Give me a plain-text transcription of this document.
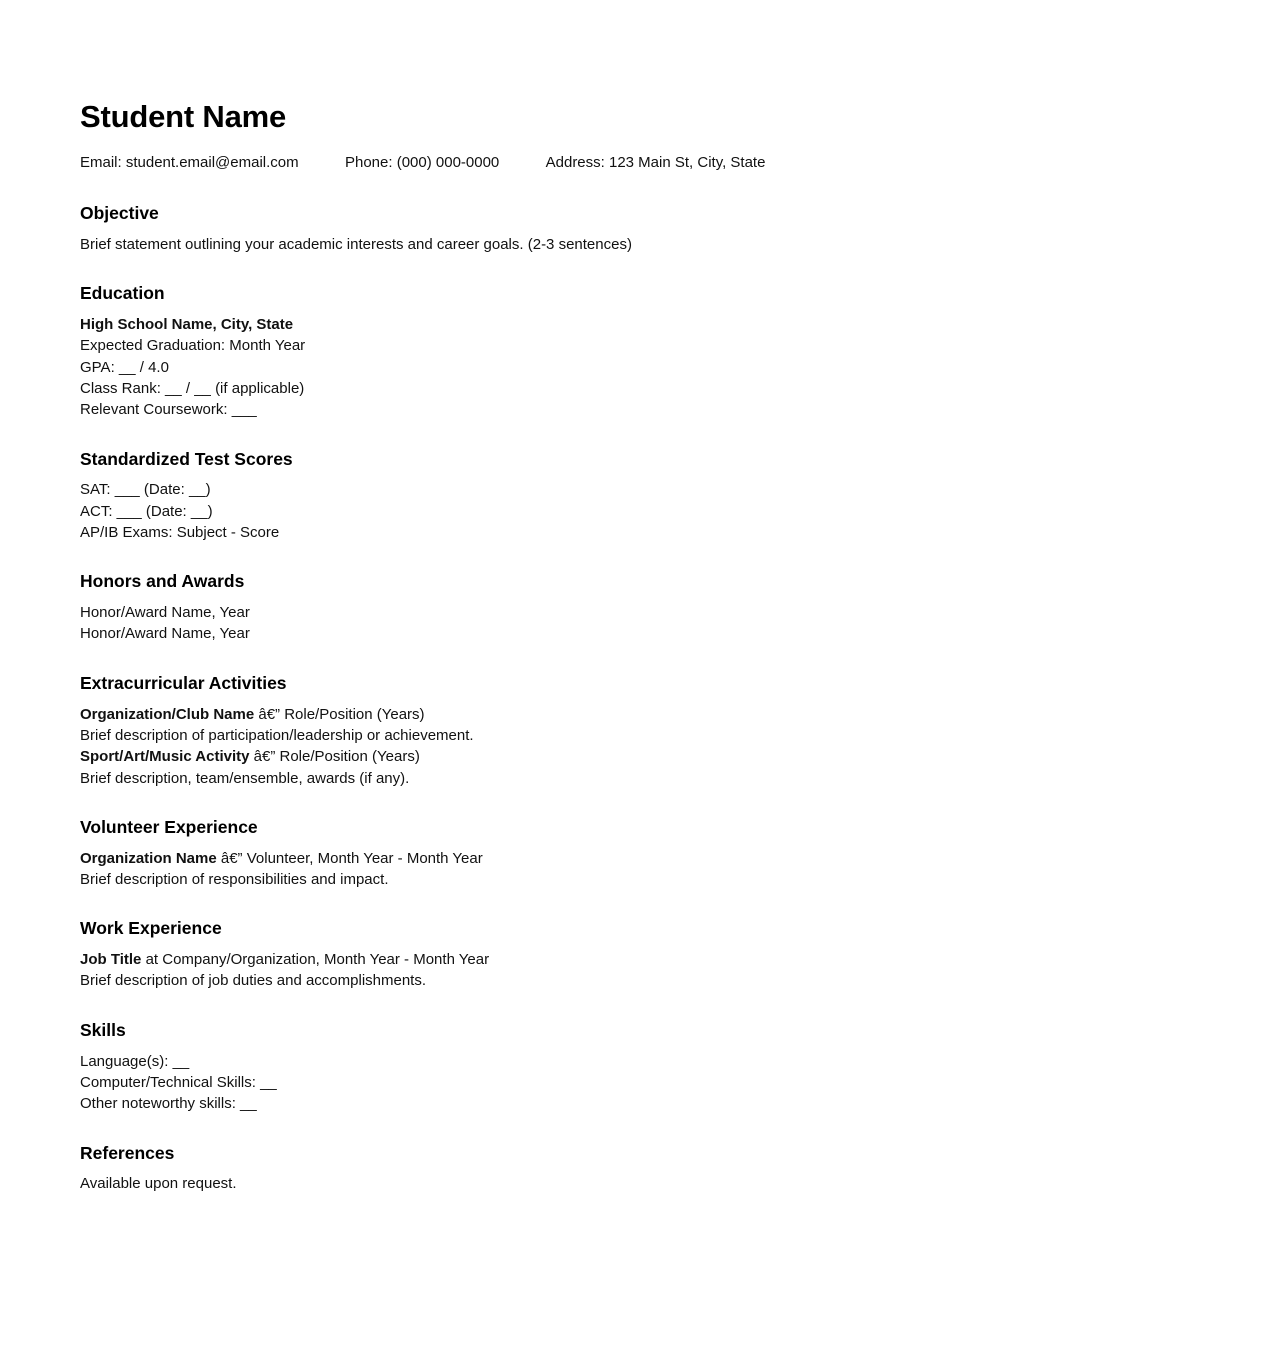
Student Name

Email: student.email@email.com	Phone: (000) 000-0000	Address: 123 Main St, City, State

Objective

Brief statement outlining your academic interests and career goals. (2-3 sentences)

Education

High School Name, City, State

Expected Graduation: Month Year

GPA: __ / 4.0

Class Rank: __ / __ (if applicable)

Relevant Coursework: ___

Standardized Test Scores

SAT: ___ (Date: __)

ACT: ___ (Date: __)

AP/IB Exams: Subject - Score

Honors and Awards

Honor/Award Name, Year

Honor/Award Name, Year

Extracurricular Activities

Organization/Club Name â€” Role/Position (Years)

Brief description of participation/leadership or achievement.

Sport/Art/Music Activity â€” Role/Position (Years)

Brief description, team/ensemble, awards (if any).

Volunteer Experience

Organization Name â€” Volunteer, Month Year - Month Year

Brief description of responsibilities and impact.

Work Experience

Job Title at Company/Organization, Month Year - Month Year

Brief description of job duties and accomplishments.

Skills

Language(s): __

Computer/Technical Skills: __

Other noteworthy skills: __

References

Available upon request.
